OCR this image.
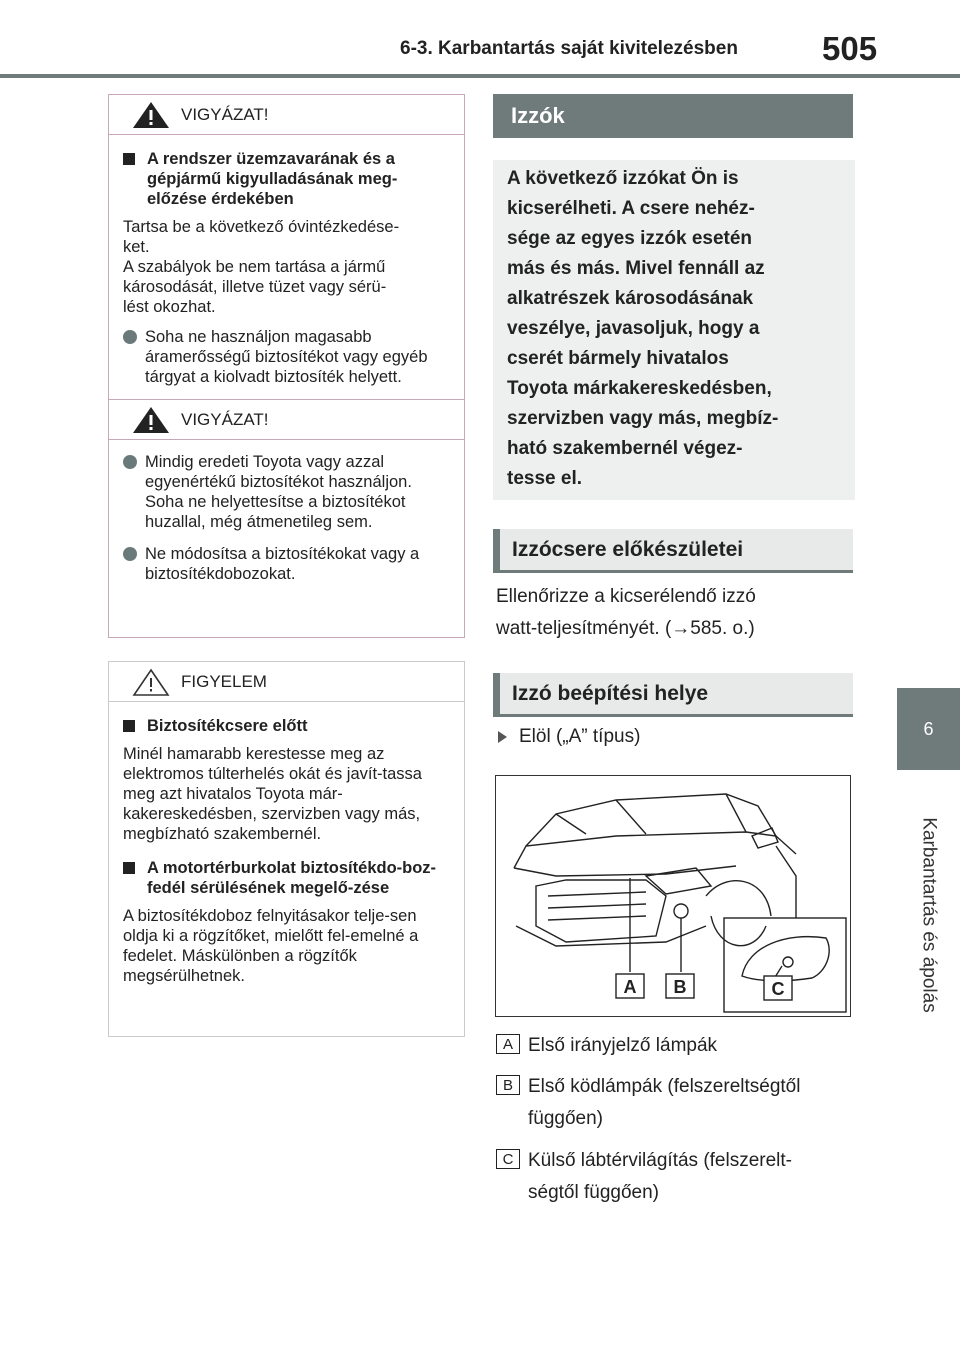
6-3. Karbantartás saját kivitelezésben	505
6
Karbantartás és ápolás
VIGYÁZAT!
A rendszer üzemzavarának és a gépjármű kigyulladásának meg-előzése érdekében
Tartsa be a következő óvintézkedése-
ket.
A szabályok be nem tartása a jármű
károsodását, illetve tüzet vagy sérü-
lést okozhat.
Soha ne használjon magasabb áramerősségű biztosítékot vagy egyéb tárgyat a kiolvadt biztosíték helyett.
VIGYÁZAT!
Mindig eredeti Toyota vagy azzal egyenértékű biztosítékot használjon. Soha ne helyettesítse a biztosítékot huzallal, még átmenetileg sem.
Ne módosítsa a biztosítékokat vagy a biztosítékdobozokat.
FIGYELEM
Biztosítékcsere előtt
Minél hamarabb kerestesse meg az elektromos túlterhelés okát és javít-tassa meg azt hivatalos Toyota már-kakereskedésben, szervizben vagy más, megbízható szakembernél.
A motortérburkolat biztosítékdo-boz-fedél sérülésének megelő-zése
A biztosítékdoboz felnyitásakor telje-sen oldja ki a rögzítőket, mielőtt fel-emelné a fedelet. Máskülönben a rögzítők megsérülhetnek.
Izzók
A következő izzókat Ön is
kicserélheti. A csere nehéz-
sége az egyes izzók esetén
más és más. Mivel fennáll az
alkatrészek károsodásának
veszélye, javasoljuk, hogy a
cserét bármely hivatalos
Toyota márkakereskedésben,
szervizben vagy más, megbíz-
ható szakembernél végez-
tesse el.
Izzócsere előkészületei
Ellenőrizze a kicserélendő izzó
watt-teljesítményét. (→585. o.)
Izzó beépítési helye
Elöl („A” típus)
A B	C
A Első irányjelző lámpák
B Első ködlámpák (felszereltségtől
függően)
C Külső lábtérvilágítás (felszerelt-
ségtől függően)
